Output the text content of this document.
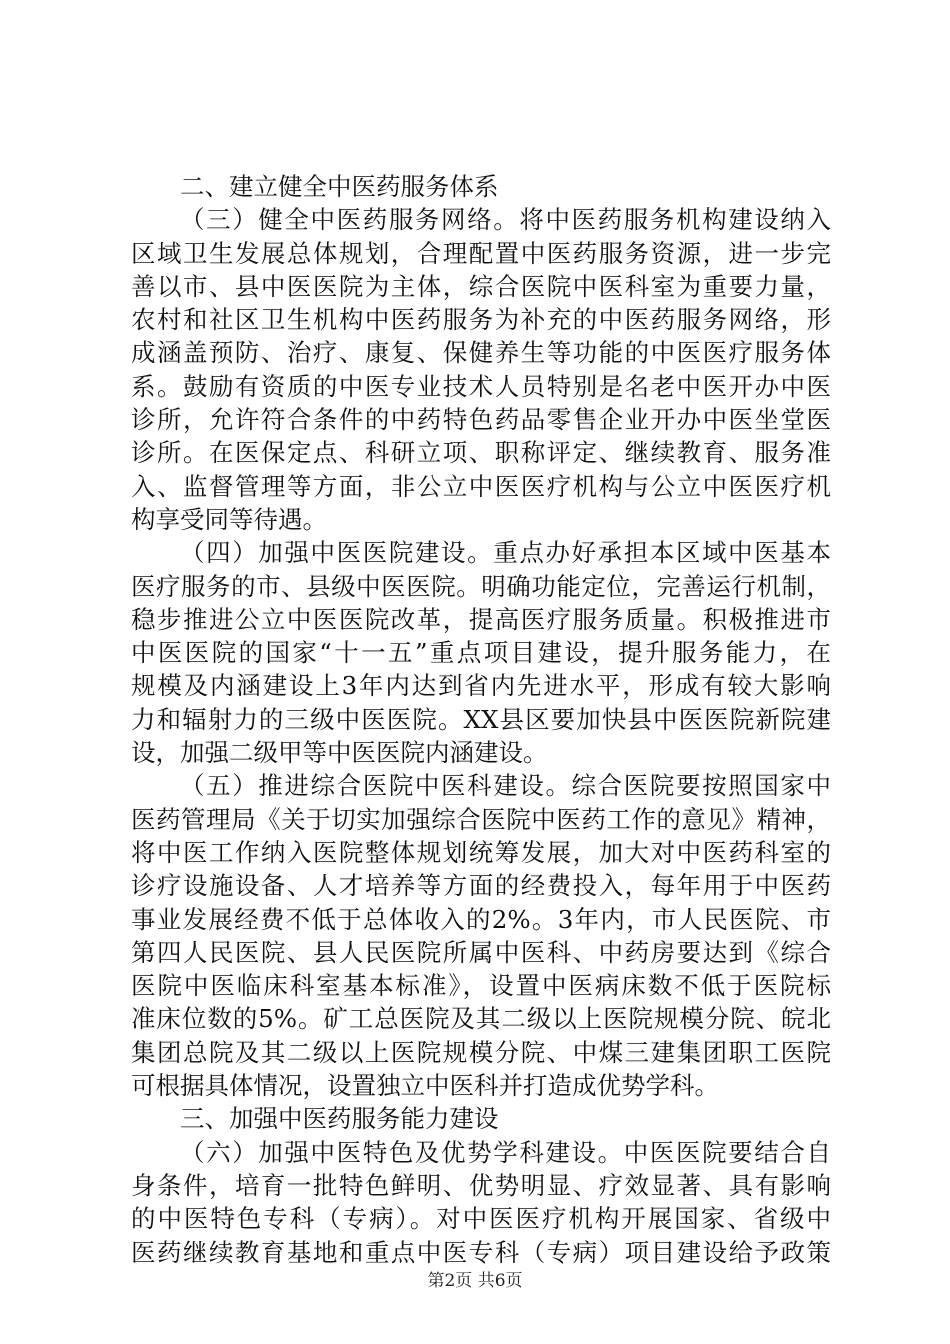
二、建立健全中医药服务体系
（三）健全中医药服务网络。将中医药服务机构建设纳入
区域卫生发展总体规划，合理配置中医药服务资源，进一步完
善以市、县中医医院为主体，综合医院中医科室为重要力量，
农村和社区卫生机构中医药服务为补充的中医药服务网络，形
成涵盖预防、治疗、康复、保健养生等功能的中医医疗服务体
系。鼓励有资质的中医专业技术人员特别是名老中医开办中医
诊所，允许符合条件的中药特色药品零售企业开办中医坐堂医
诊所。在医保定点、科研立项、职称评定、继续教育、服务准
入、监督管理等方面，非公立中医医疗机构与公立中医医疗机
构享受同等待遇。
（四）加强中医医院建设。重点办好承担本区域中医基本
医疗服务的市、县级中医医院。明确功能定位，完善运行机制，
稳步推进公立中医医院改革，提高医疗服务质量。积极推进市
中医医院的国家“十一五”重点项目建设，提升服务能力，在
规模及内涵建设上3年内达到省内先进水平，形成有较大影响
力和辐射力的三级中医医院。XX县区要加快县中医医院新院建
设，加强二级甲等中医医院内涵建设。
（五）推进综合医院中医科建设。综合医院要按照国家中
医药管理局《关于切实加强综合医院中医药工作的意见》精神，
将中医工作纳入医院整体规划统筹发展，加大对中医药科室的
诊疗设施设备、人才培养等方面的经费投入，每年用于中医药
事业发展经费不低于总体收入的2%。3年内，市人民医院、市
第四人民医院、县人民医院所属中医科、中药房要达到《综合
医院中医临床科室基本标准》，设置中医病床数不低于医院标
准床位数的5%。矿工总医院及其二级以上医院规模分院、皖北
集团总院及其二级以上医院规模分院、中煤三建集团职工医院
可根据具体情况，设置独立中医科并打造成优势学科。
三、加强中医药服务能力建设
（六）加强中医特色及优势学科建设。中医医院要结合自
身条件，培育一批特色鲜明、优势明显、疗效显著、具有影响
的中医特色专科（专病）。对中医医疗机构开展国家、省级中
医药继续教育基地和重点中医专科（专病）项目建设给予政策
第2页 共6页
